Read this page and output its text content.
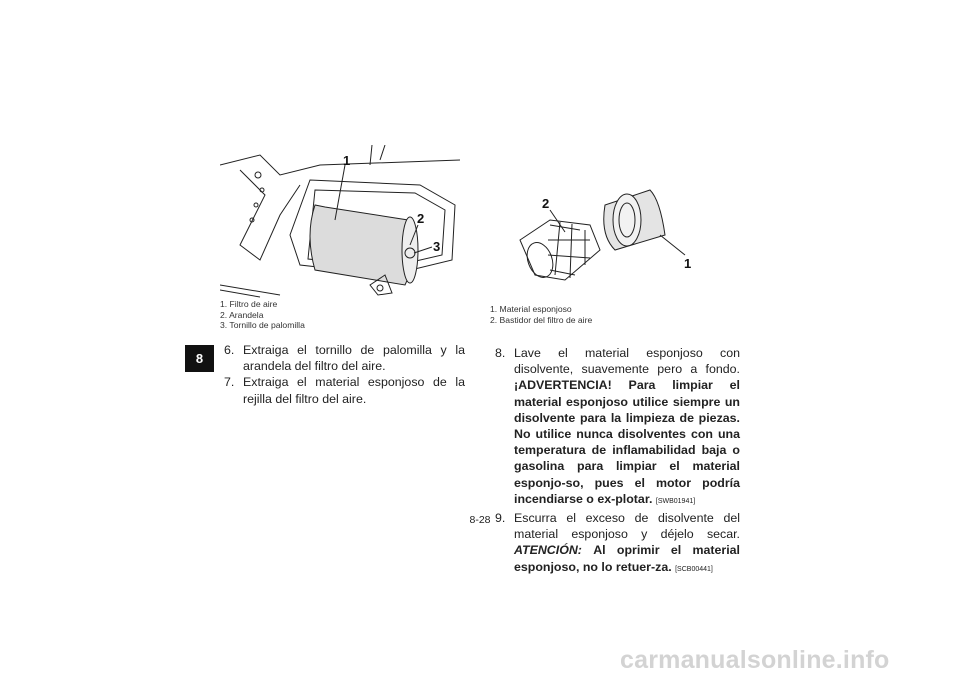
8
1
2
3
1. Filtro de aire
2. Arandela
3. Tornillo de palomilla
6. Extraiga el tornillo de palomilla y la arandela del filtro del aire.
7. Extraiga el material esponjoso de la rejilla del filtro del aire.
2
1
1. Material esponjoso
2. Bastidor del filtro de aire
8. Lave el material esponjoso con disolvente, suavemente pero a fondo. ¡ADVERTENCIA! Para limpiar el material esponjoso utilice siempre un disolvente para la limpieza de piezas. No utilice nunca disolventes con una temperatura de inflamabilidad baja o gasolina para limpiar el material esponjo-so, pues el motor podría incendiarse o ex-plotar. [SWB01941]
9. Escurra el exceso de disolvente del material esponjoso y déjelo secar. ATENCIÓN: Al oprimir el material esponjoso, no lo retuer-za. [SCB00441]
8-28
carmanualsonline.info
